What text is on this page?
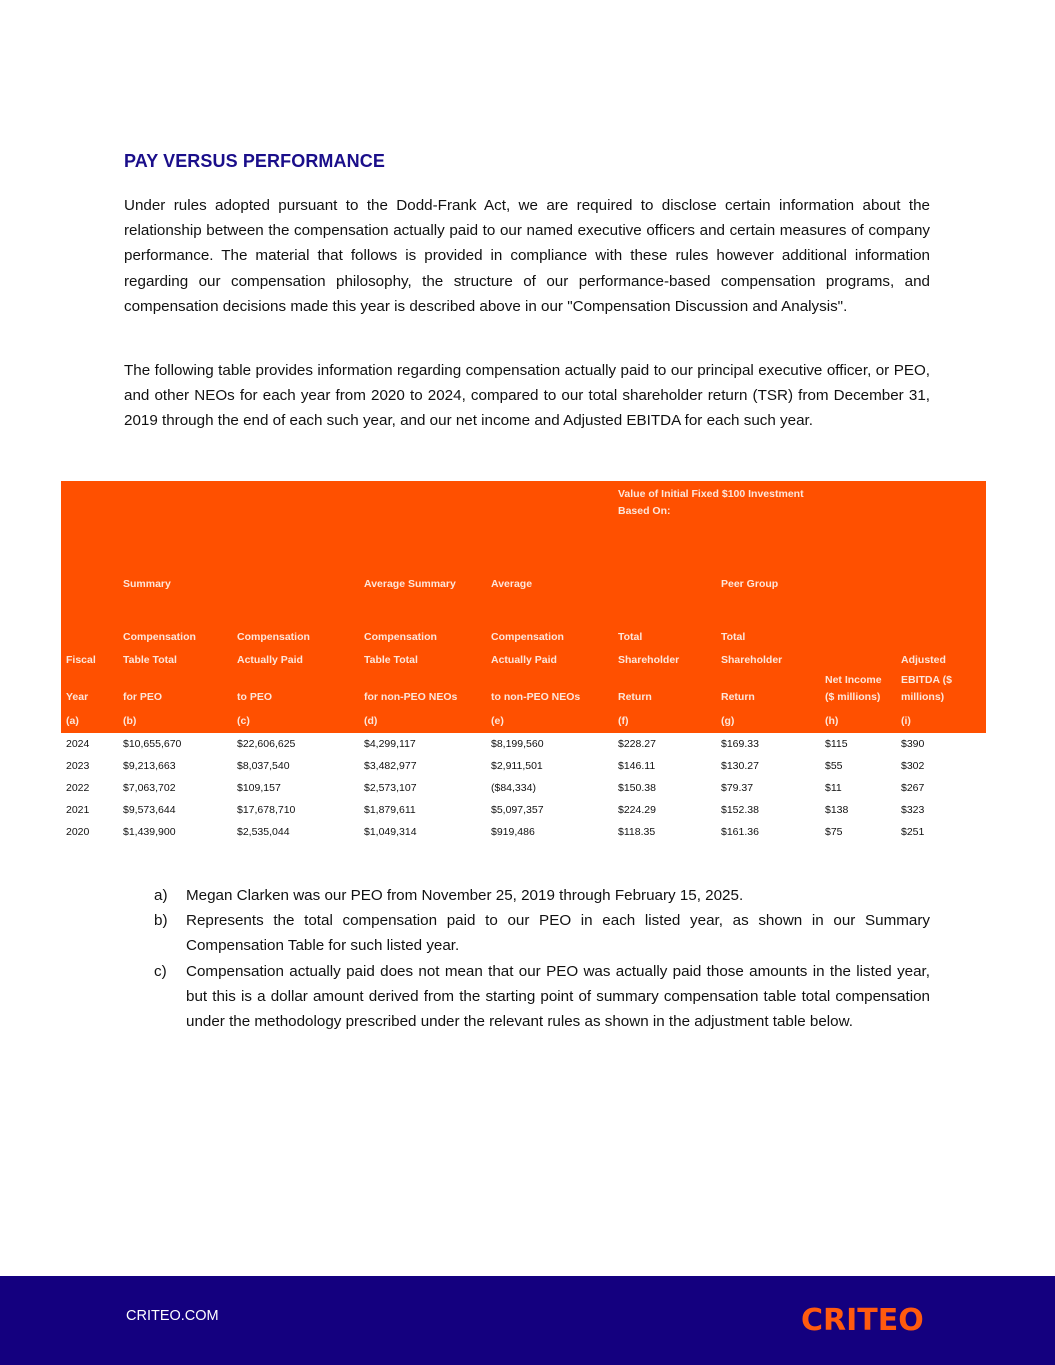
PAY VERSUS PERFORMANCE

Under rules adopted pursuant to the Dodd-Frank Act, we are required to disclose certain information about the relationship between the compensation actually paid to our named executive officers and certain measures of company performance. The material that follows is provided in compliance with these rules however additional information regarding our compensation philosophy, the structure of our performance-based compensation programs, and compensation decisions made this year is described above in our "Compensation Discussion and Analysis".

The following table provides information regarding compensation actually paid to our principal executive officer, or PEO, and other NEOs for each year from 2020 to 2024, compared to our total shareholder return (TSR) from December 31, 2019 through the end of each such year, and our net income and Adjusted EBITDA for each such year.

					Value of Initial Fixed $100 Investment
Based On:			
	Summary		Average Summary	Average		Peer Group		
	Compensation	Compensation	Compensation	Compensation	Total	Total		
Fiscal	Table Total	Actually Paid	Table Total	Actually Paid	Shareholder	Shareholder		Adjusted
Year	for PEO	to PEO	for non-PEO NEOs	to non-PEO NEOs	Return	Return	Net Income
($ millions)	EBITDA ($
millions)
(a)	(b)	(c)	(d)	(e)	(f)	(g)	(h)	(i)
2024	$10,655,670	$22,606,625	$4,299,117	$8,199,560	$228.27	$169.33	$115	$390
2023	$9,213,663	$8,037,540	$3,482,977	$2,911,501	$146.11	$130.27	$55	$302
2022	$7,063,702	$109,157	$2,573,107	($84,334)	$150.38	$79.37	$11	$267
2021	$9,573,644	$17,678,710	$1,879,611	$5,097,357	$224.29	$152.38	$138	$323
2020	$1,439,900	$2,535,044	$1,049,314	$919,486	$118.35	$161.36	$75	$251
a)	Megan Clarken was our PEO from November 25, 2019 through February 15, 2025.
b)	Represents the total compensation paid to our PEO in each listed year, as shown in our Summary Compensation Table for such listed year.
c)	Compensation actually paid does not mean that our PEO was actually paid those amounts in the listed year, but this is a dollar amount derived from the starting point of summary compensation table total compensation under the methodology prescribed under the relevant rules as shown in the adjustment table below.
CRITEO.COM	CRITEO
